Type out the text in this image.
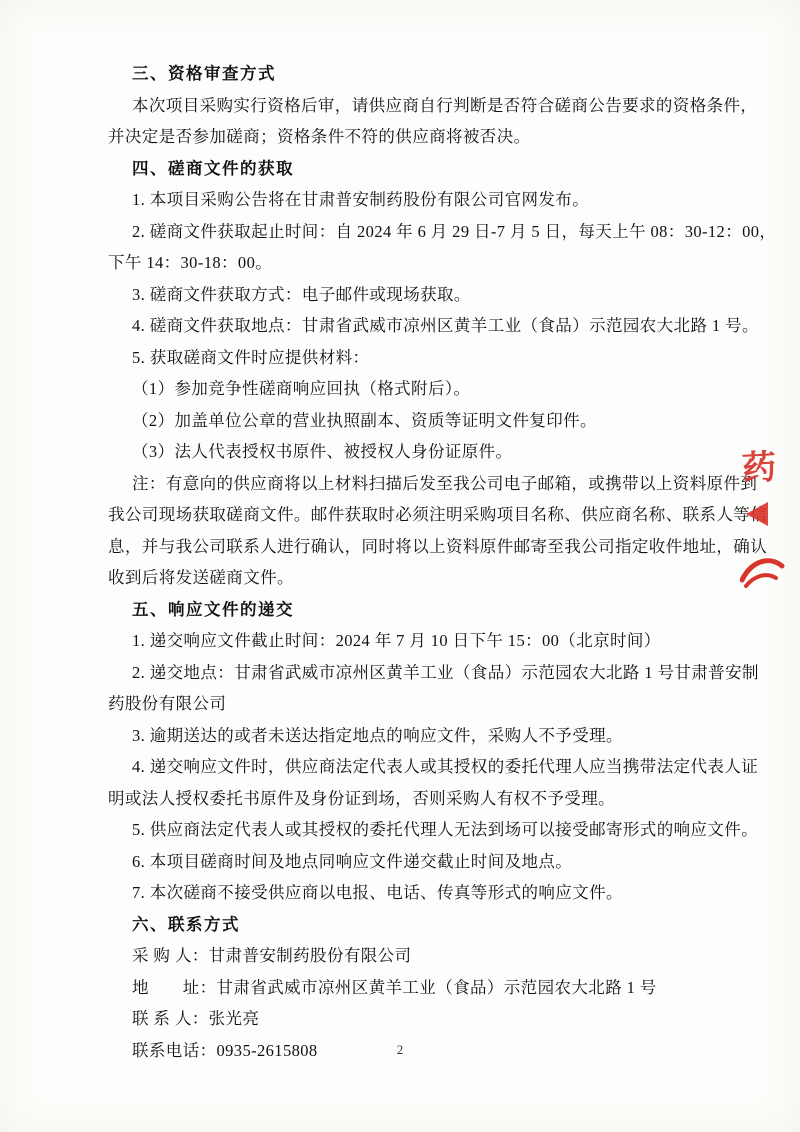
三、资格审查方式
本次项目采购实行资格后审，请供应商自行判断是否符合磋商公告要求的资格条件，
并决定是否参加磋商；资格条件不符的供应商将被否决。
四、磋商文件的获取
1. 本项目采购公告将在甘肃普安制药股份有限公司官网发布。
2. 磋商文件获取起止时间：自 2024 年 6 月 29 日-7 月 5 日，每天上午 08：30-12：00，
下午 14：30-18：00。
3. 磋商文件获取方式：电子邮件或现场获取。
4. 磋商文件获取地点：甘肃省武威市凉州区黄羊工业（食品）示范园农大北路 1 号。
5. 获取磋商文件时应提供材料：
（1）参加竞争性磋商响应回执（格式附后）。
（2）加盖单位公章的营业执照副本、资质等证明文件复印件。
（3）法人代表授权书原件、被授权人身份证原件。
注：有意向的供应商将以上材料扫描后发至我公司电子邮箱，或携带以上资料原件到
我公司现场获取磋商文件。邮件获取时必须注明采购项目名称、供应商名称、联系人等信
息，并与我公司联系人进行确认，同时将以上资料原件邮寄至我公司指定收件地址，确认
收到后将发送磋商文件。
五、响应文件的递交
1. 递交响应文件截止时间：2024 年 7 月 10 日下午 15：00（北京时间）
2. 递交地点：甘肃省武威市凉州区黄羊工业（食品）示范园农大北路 1 号甘肃普安制
药股份有限公司
3. 逾期送达的或者未送达指定地点的响应文件，采购人不予受理。
4. 递交响应文件时，供应商法定代表人或其授权的委托代理人应当携带法定代表人证
明或法人授权委托书原件及身份证到场，否则采购人有权不予受理。
5. 供应商法定代表人或其授权的委托代理人无法到场可以接受邮寄形式的响应文件。
6. 本项目磋商时间及地点同响应文件递交截止时间及地点。
7. 本次磋商不接受供应商以电报、电话、传真等形式的响应文件。
六、联系方式
采 购 人：甘肃普安制药股份有限公司
地　　址：甘肃省武威市凉州区黄羊工业（食品）示范园农大北路 1 号
联 系 人：张光亮
联系电话：0935-2615808
药
2
